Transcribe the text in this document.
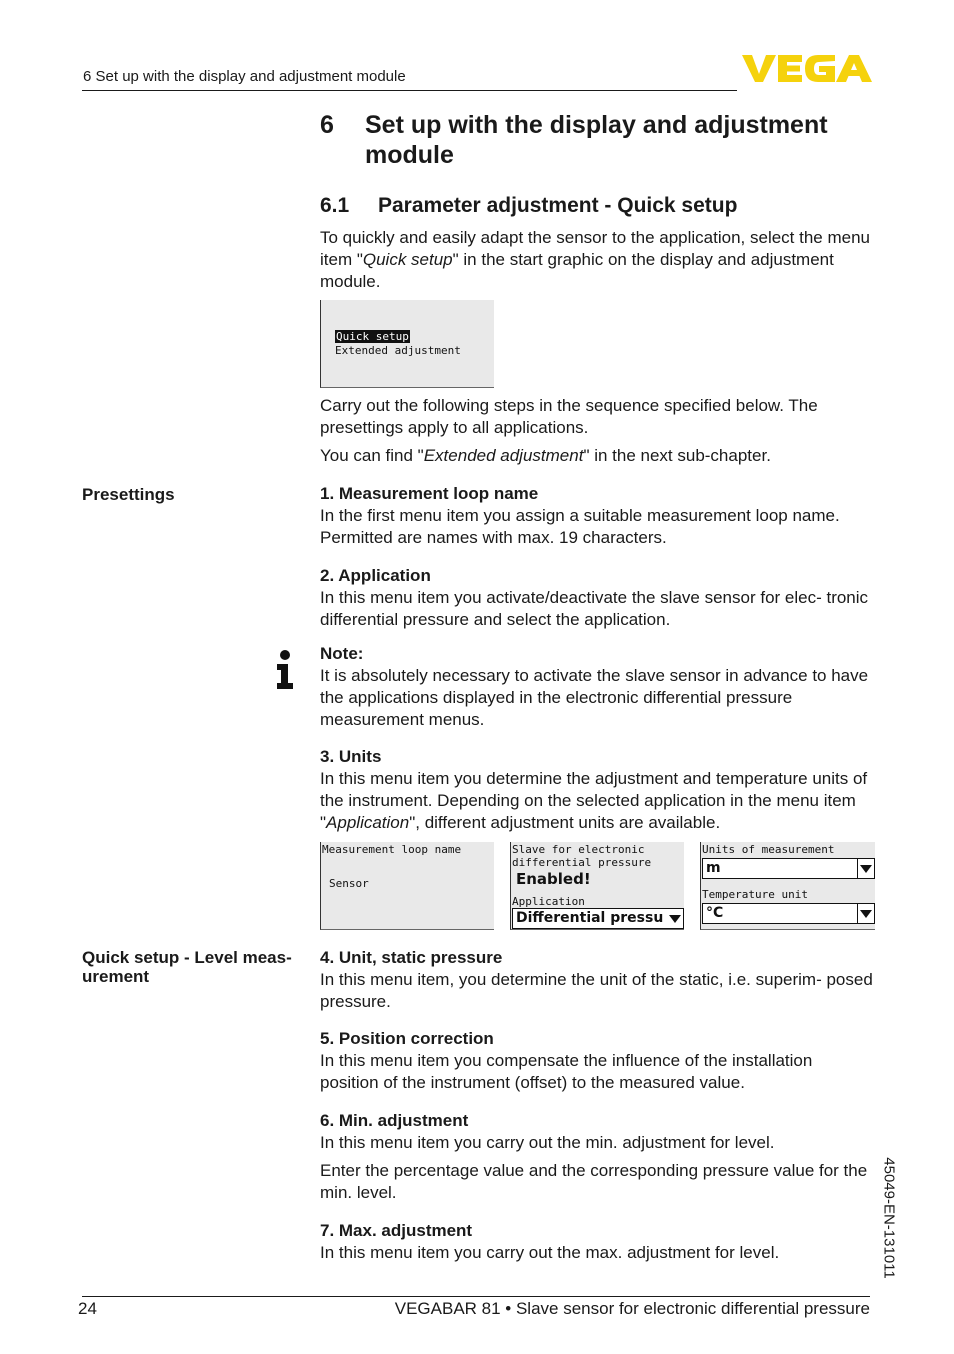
6 Set up with the display and adjustment module
6 Set up with the display and adjustment module
6.1 Parameter adjustment - Quick setup

To quickly and easily adapt the sensor to the application, select the menu item "Quick setup" in the start graphic on the display and adjustment module.

Quick setup
Extended adjustment

Carry out the following steps in the sequence specified below. The presettings apply to all applications.

You can find "Extended adjustment" in the next sub-chapter.

Presettings
Quick setup - Level meas- urement

1. Measurement loop name
In the first menu item you assign a suitable measurement loop name. Permitted are names with max. 19 characters.

2. Application
In this menu item you activate/deactivate the slave sensor for elec- tronic differential pressure and select the application.

Note:
It is absolutely necessary to activate the slave sensor in advance to have the applications displayed in the electronic differential pressure measurement menus.

3. Units
In this menu item you determine the adjustment and temperature units of the instrument. Depending on the selected application in the menu item "Application", different adjustment units are available.

Measurement loop name
Sensor
Slave for electronic
differential pressure
Enabled!
Application
Differential pressu
Units of measurement
m
Temperature unit
°C

4. Unit, static pressure
In this menu item, you determine the unit of the static, i.e. superim- posed pressure.

5. Position correction
In this menu item you compensate the influence of the installation position of the instrument (offset) to the measured value.

6. Min. adjustment
In this menu item you carry out the min. adjustment for level.

Enter the percentage value and the corresponding pressure value for the min. level.

7. Max. adjustment
In this menu item you carry out the max. adjustment for level.	45049-EN-131011
24	VEGABAR 81 • Slave sensor for electronic differential pressure
